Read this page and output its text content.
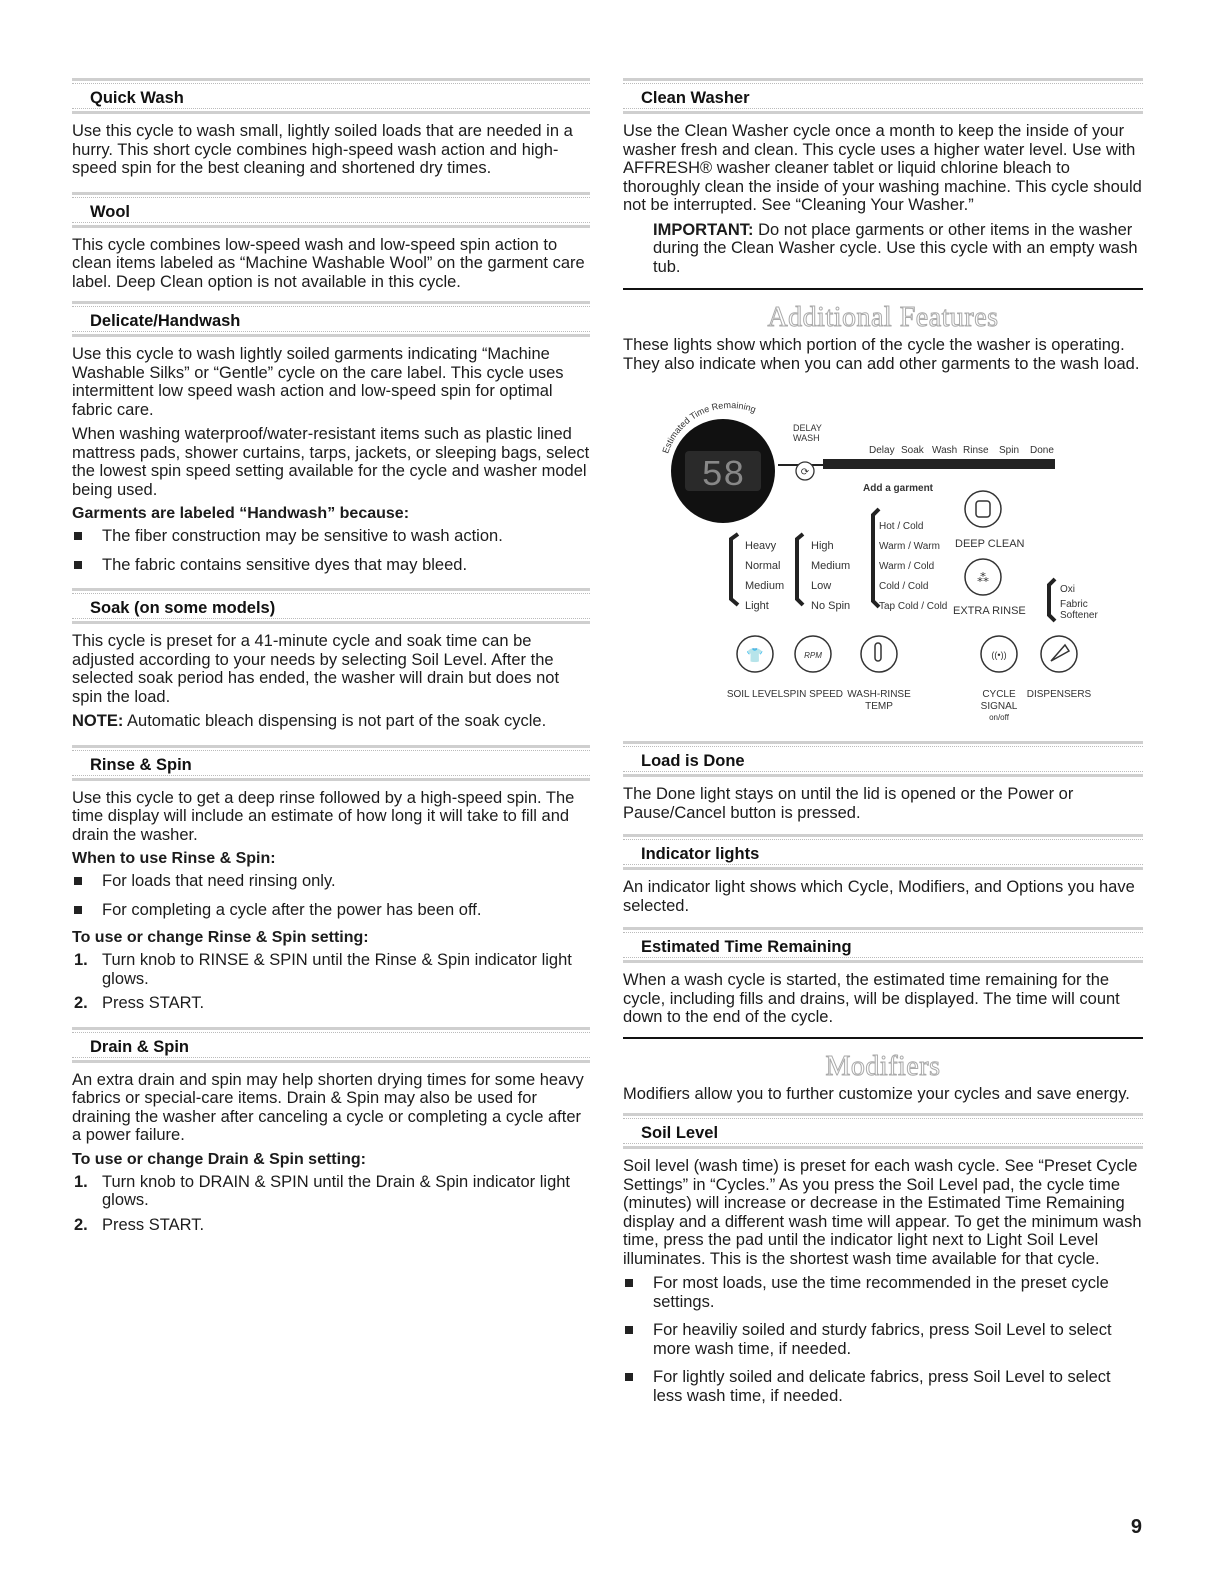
Quick Wash

Use this cycle to wash small, lightly soiled loads that are needed in a hurry. This short cycle combines high-speed wash action and high-speed spin for the best cleaning and shortened dry times.

Wool

This cycle combines low-speed wash and low-speed spin action to clean items labeled as “Machine Washable Wool” on the garment care label. Deep Clean option is not available in this cycle.

Delicate/Handwash

Use this cycle to wash lightly soiled garments indicating “Machine Washable Silks” or “Gentle” cycle on the care label. This cycle uses intermittent low speed wash action and low-speed spin for optimal fabric care.

When washing waterproof/water-resistant items such as plastic lined mattress pads, shower curtains, tarps, jackets, or sleeping bags, select the lowest spin speed setting available for the cycle and washer model being used.

Garments are labeled “Handwash” because:
The fiber construction may be sensitive to wash action.
The fabric contains sensitive dyes that may bleed.
Soak (on some models)

This cycle is preset for a 41-minute cycle and soak time can be adjusted according to your needs by selecting Soil Level. After the selected soak period has ended, the washer will drain but does not spin the load.

NOTE: Automatic bleach dispensing is not part of the soak cycle.

Rinse & Spin

Use this cycle to get a deep rinse followed by a high-speed spin. The time display will include an estimate of how long it will take to fill and drain the washer.

When to use Rinse & Spin:
For loads that need rinsing only.
For completing a cycle after the power has been off.
To use or change Rinse & Spin setting:
1. Turn knob to RINSE & SPIN until the Rinse & Spin indicator light glows.
2. Press START.
Drain & Spin

An extra drain and spin may help shorten drying times for some heavy fabrics or special-care items. Drain & Spin may also be used for draining the washer after canceling a cycle or completing a cycle after a power failure.

To use or change Drain & Spin setting:
1. Turn knob to DRAIN & SPIN until the Drain & Spin indicator light glows.
2. Press START.
Clean Washer

Use the Clean Washer cycle once a month to keep the inside of your washer fresh and clean. This cycle uses a higher water level. Use with AFFRESH® washer cleaner tablet or liquid chlorine bleach to thoroughly clean the inside of your washing machine. This cycle should not be interrupted. See “Cleaning Your Washer.”

IMPORTANT: Do not place garments or other items in the washer during the Clean Washer cycle. Use this cycle with an empty wash tub.
Additional Features

These lights show which portion of the cycle the washer is operating. They also indicate when you can add other garments to the wash load.

Estimated Time Remaining
58
DELAY
WASH
⟳
Delay Soak Wash Rinse Spin Done
Add a garment
Heavy
Normal
Medium
Light
High
Medium
Low
No Spin
Hot / Cold
Warm / Warm
Warm / Cold
Cold / Cold
Tap Cold / Cold
DEEP CLEAN
⁂
EXTRA RINSE
Oxi
Fabric
Softener
👕	RPM	((•))
SOIL LEVEL SPIN SPEED WASH-RINSE
TEMP
CYCLE
SIGNAL
on/off
DISPENSERS
Load is Done

The Done light stays on until the lid is opened or the Power or Pause/Cancel button is pressed.

Indicator lights

An indicator light shows which Cycle, Modifiers, and Options you have selected.

Estimated Time Remaining

When a wash cycle is started, the estimated time remaining for the cycle, including fills and drains, will be displayed. The time will count down to the end of the cycle.

Modifiers

Modifiers allow you to further customize your cycles and save energy.

Soil Level

Soil level (wash time) is preset for each wash cycle. See “Preset Cycle Settings” in “Cycles.” As you press the Soil Level pad, the cycle time (minutes) will increase or decrease in the Estimated Time Remaining display and a different wash time will appear. To get the minimum wash time, press the pad until the indicator light next to Light Soil Level illuminates. This is the shortest wash time available for that cycle.

For most loads, use the time recommended in the preset cycle settings.
For heaviliy soiled and sturdy fabrics, press Soil Level to select more wash time, if needed.
For lightly soiled and delicate fabrics, press Soil Level to select less wash time, if needed.
9
